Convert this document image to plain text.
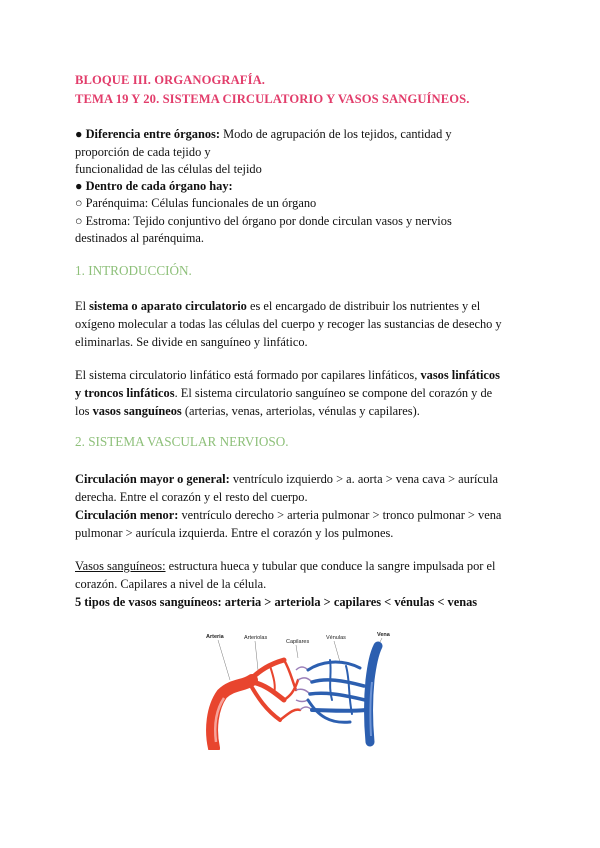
BLOQUE III. ORGANOGRAFÍA.
TEMA 19 Y 20. SISTEMA CIRCULATORIO Y VASOS SANGUÍNEOS.
● Diferencia entre órganos: Modo de agrupación de los tejidos, cantidad y
proporción de cada tejido y
funcionalidad de las células del tejido
● Dentro de cada órgano hay:
○ Parénquima: Células funcionales de un órgano
○ Estroma: Tejido conjuntivo del órgano por donde circulan vasos y nervios
destinados al parénquima.
1. INTRODUCCIÓN.
El sistema o aparato circulatorio es el encargado de distribuir los nutrientes y el
oxígeno molecular a todas las células del cuerpo y recoger las sustancias de desecho y
eliminarlas. Se divide en sanguíneo y linfático.
El sistema circulatorio linfático está formado por capilares linfáticos, vasos linfáticos
y troncos linfáticos. El sistema circulatorio sanguíneo se compone del corazón y de
los vasos sanguíneos (arterias, venas, arteriolas, vénulas y capilares).
2. SISTEMA VASCULAR NERVIOSO.
Circulación mayor o general: ventrículo izquierdo > a. aorta > vena cava > aurícula
derecha. Entre el corazón y el resto del cuerpo.
Circulación menor: ventrículo derecho > arteria pulmonar > tronco pulmonar > vena
pulmonar > aurícula izquierda. Entre el corazón y los pulmones.
Vasos sanguíneos: estructura hueca y tubular que conduce la sangre impulsada por el
corazón. Capilares a nivel de la célula.
5 tipos de vasos sanguíneos: arteria > arteriola > capilares < vénulas < venas
Arteria	Arteriolas
Capilares
Vénulas	Vena
